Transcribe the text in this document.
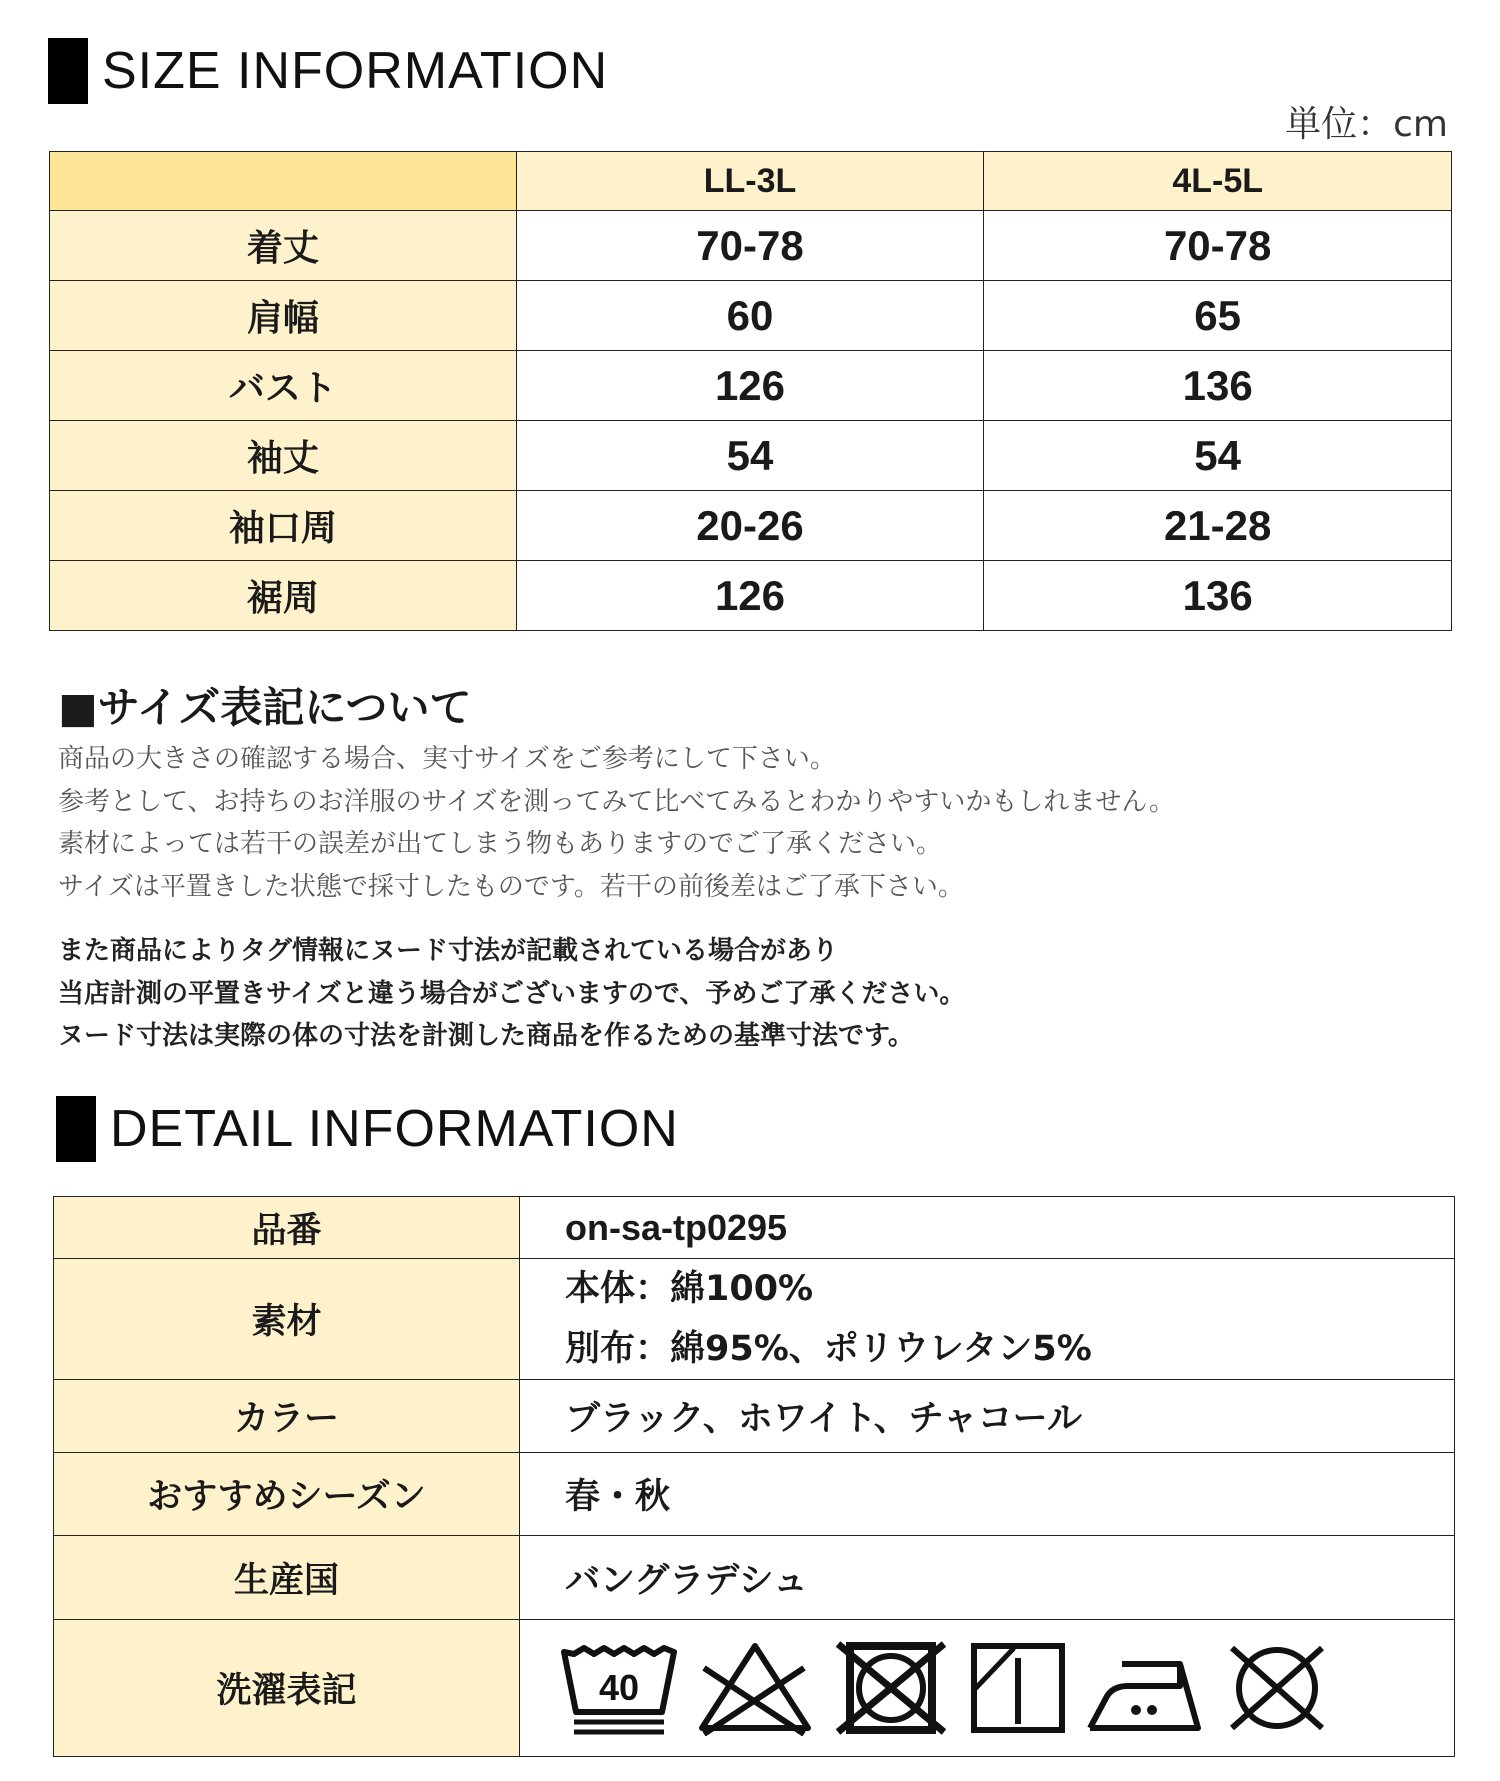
SIZE INFORMATION
単位：cm
	LL-3L	4L-5L
着丈	70-78	70-78
肩幅	60	65
バスト	126	136
袖丈	54	54
袖口周	20-26	21-28
裾周	126	136
■サイズ表記について
商品の大きさの確認する場合、実寸サイズをご参考にして下さい。
参考として、お持ちのお洋服のサイズを測ってみて比べてみるとわかりやすいかもしれません。
素材によっては若干の誤差が出てしまう物もありますのでご了承ください。
サイズは平置きした状態で採寸したものです。若干の前後差はご了承下さい。
また商品によりタグ情報にヌード寸法が記載されている場合があり
当店計測の平置きサイズと違う場合がございますので、予めご了承ください。
ヌード寸法は実際の体の寸法を計測した商品を作るための基準寸法です。
DETAIL INFORMATION
品番	on-sa-tp0295
素材	本体：綿100%
別布：綿95%、ポリウレタン5%

カラー	ブラック、ホワイト、チャコール
おすすめシーズン	春・秋
生産国	バングラデシュ
洗濯表記	40
